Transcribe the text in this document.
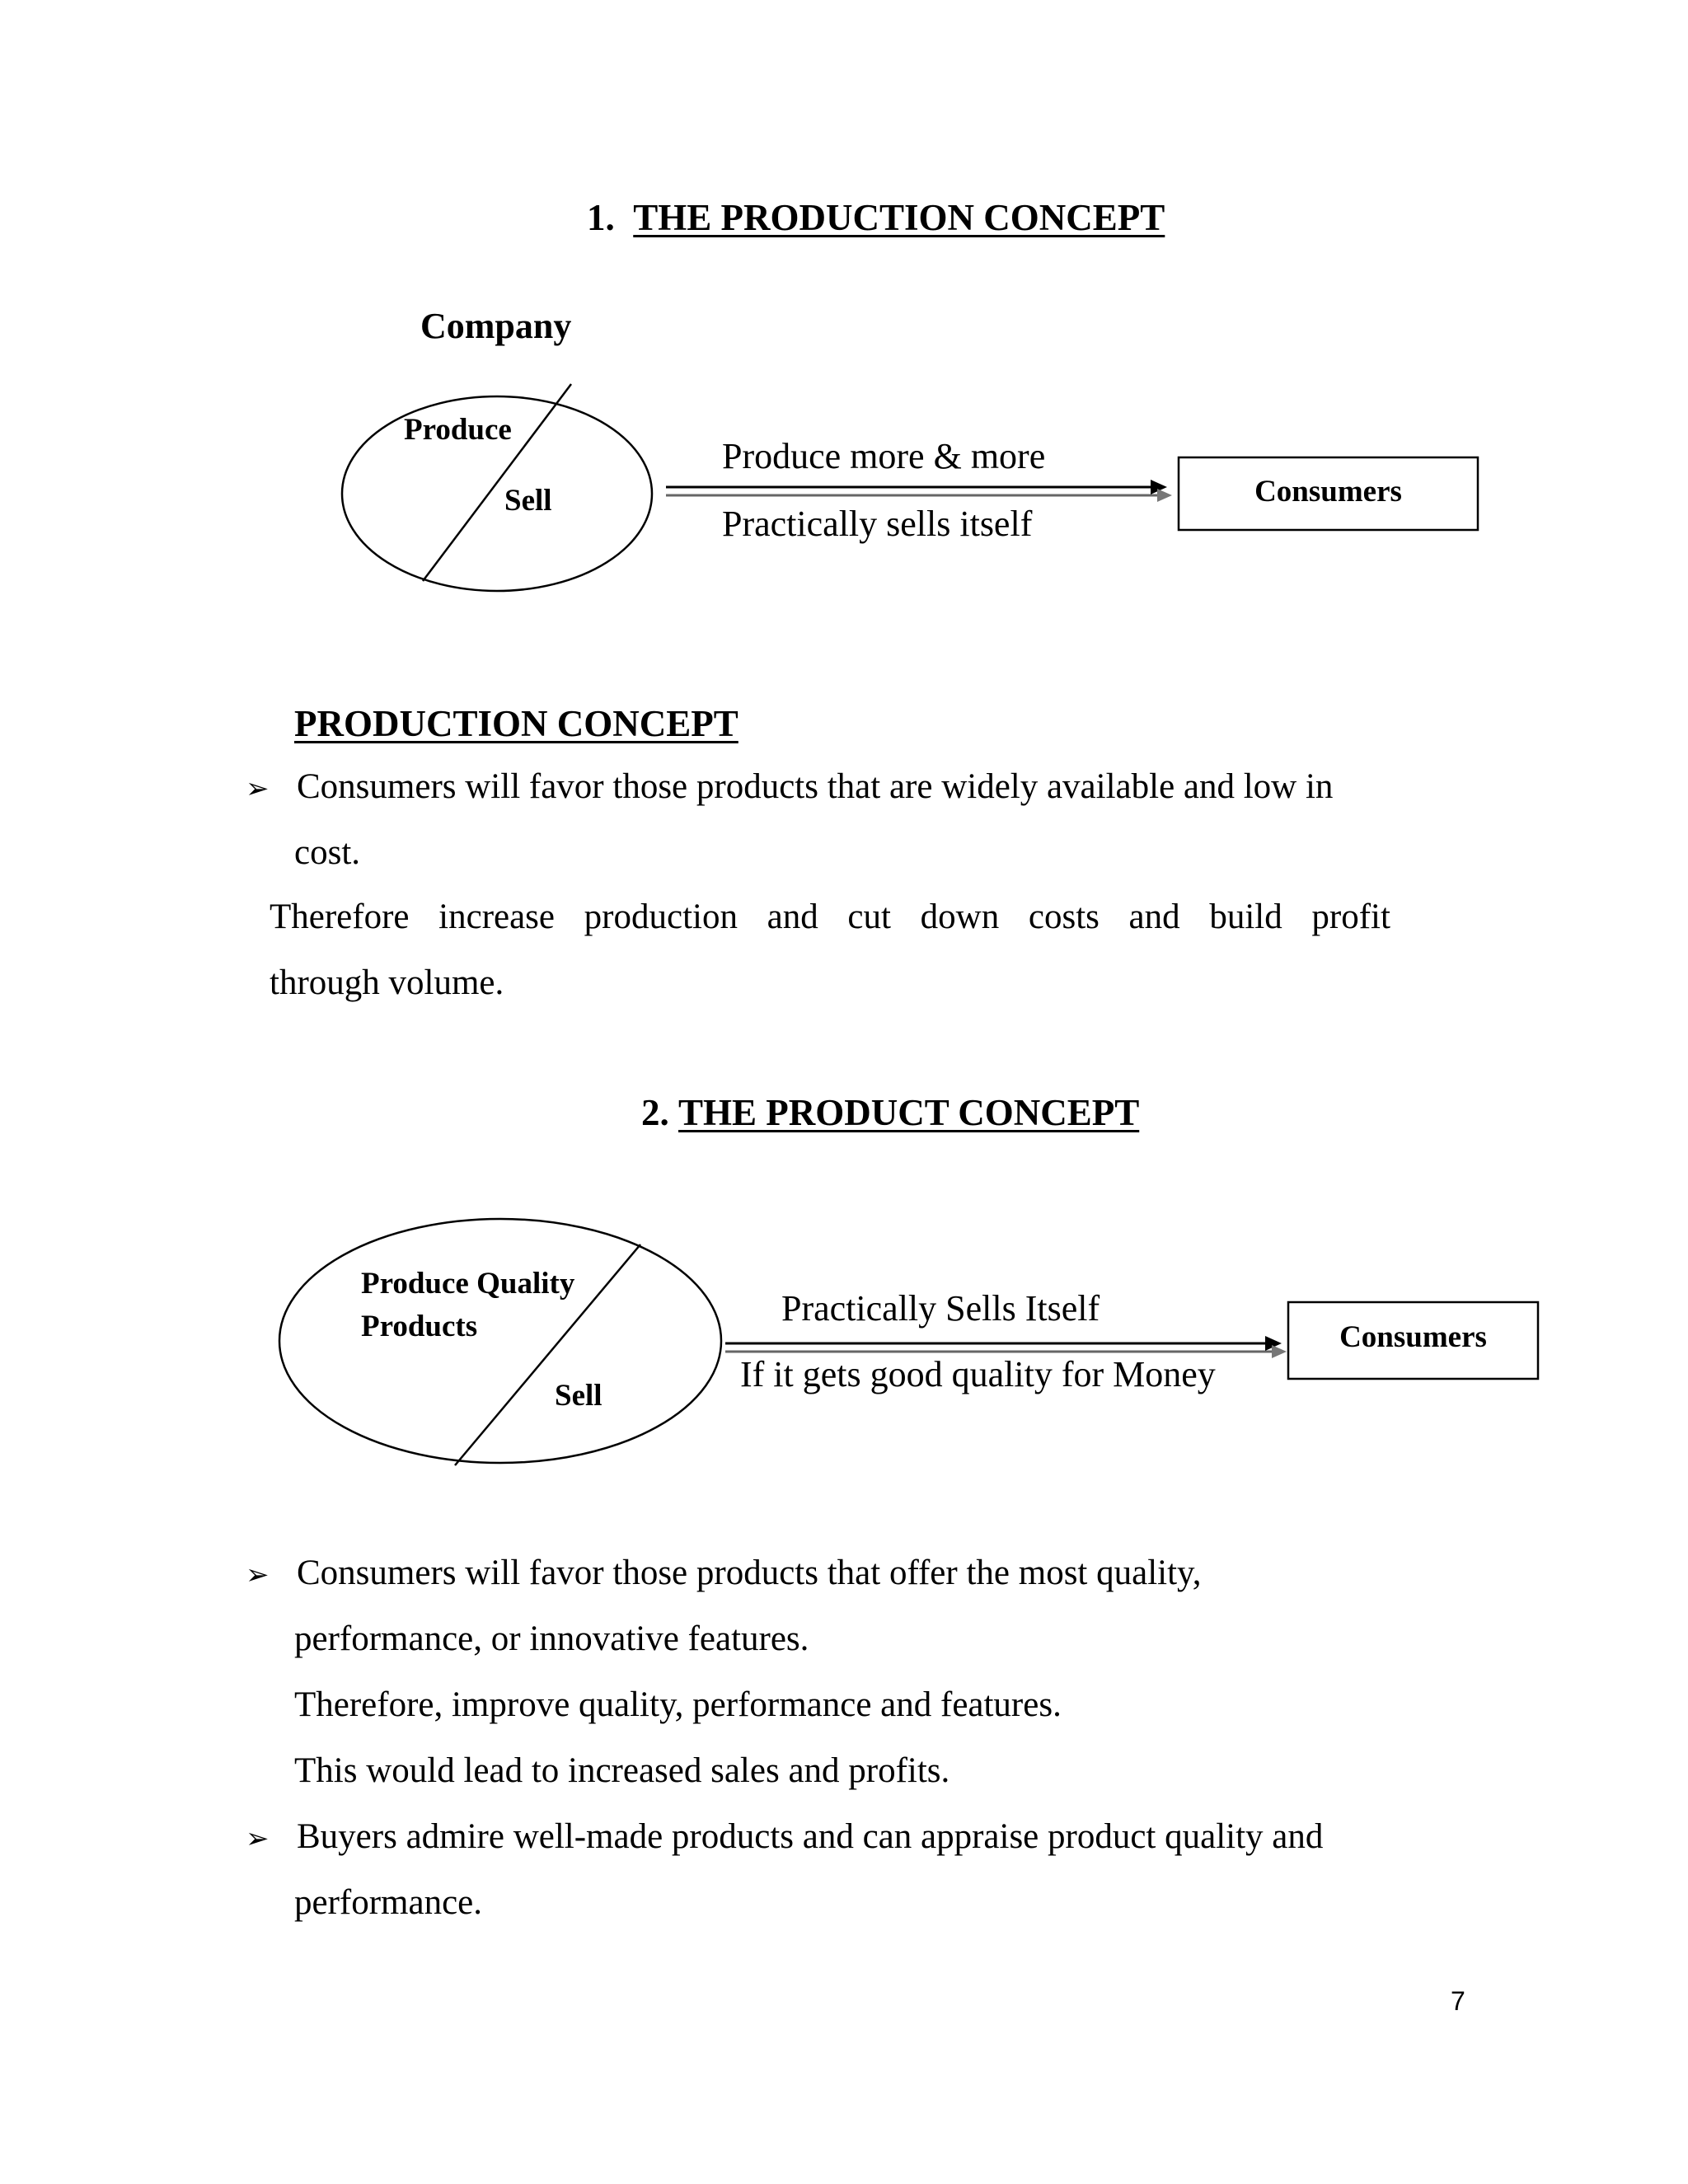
1. THE PRODUCTION CONCEPT
Company
Produce
Sell
Produce more & more
Practically sells itself
Consumers
PRODUCTION CONCEPT
➢ Consumers will favor those products that are widely available and low in
cost.
Therefore increase production and cut down costs and build profit
through volume.
2. THE PRODUCT CONCEPT
Produce Quality
Products
Sell
Practically Sells Itself
If it gets good quality for Money
Consumers
➢ Consumers will favor those products that offer the most quality,
performance, or innovative features.
Therefore, improve quality, performance and features.
This would lead to increased sales and profits.
➢ Buyers admire well-made products and can appraise product quality and
performance.
7
